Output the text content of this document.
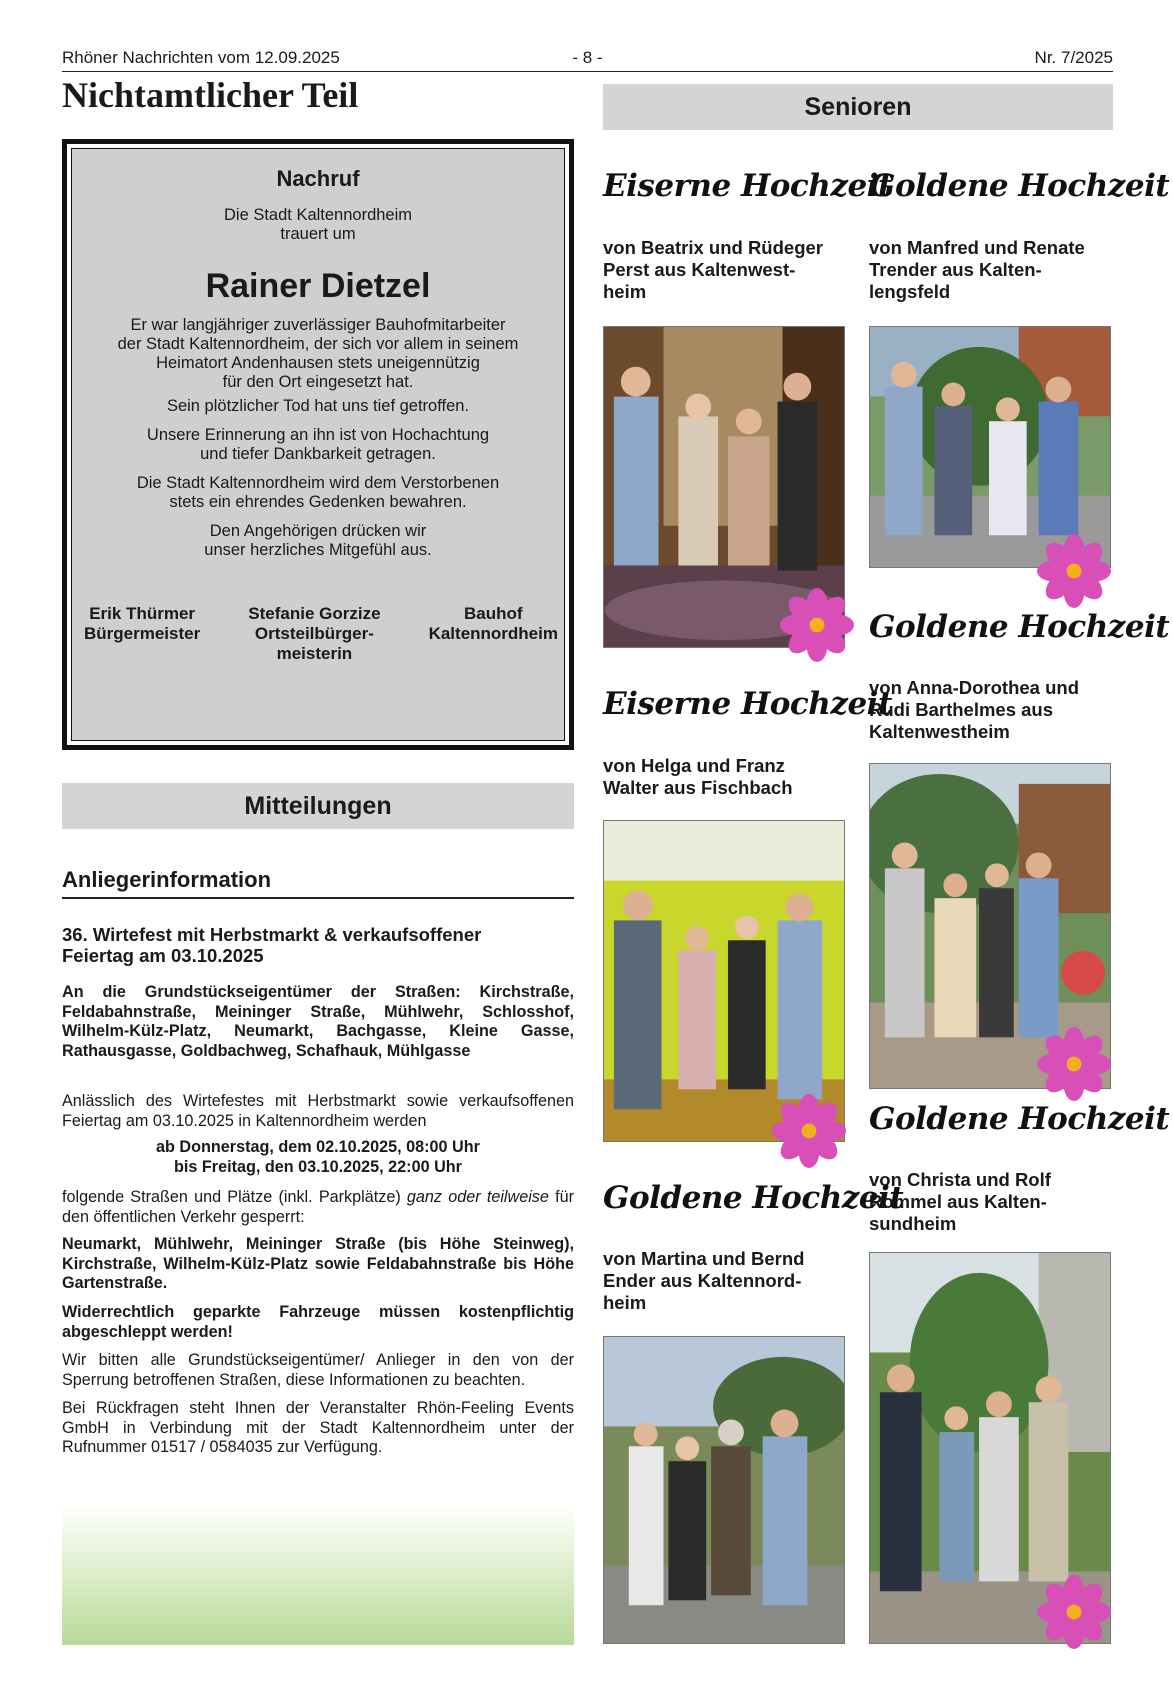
Rhöner Nachrichten vom 12.09.2025	- 8 -	Nr. 7/2025
Nichtamtlicher Teil	Senioren
Nachruf
Die Stadt Kaltennordheim
trauert um
Rainer Dietzel
Er war langjähriger zuverlässiger Bauhofmitarbeiter
der Stadt Kaltennordheim, der sich vor allem in seinem
Heimatort Andenhausen stets uneigennützig
für den Ort eingesetzt hat.
Sein plötzlicher Tod hat uns tief getroffen.
Unsere Erinnerung an ihn ist von Hochachtung
und tiefer Dankbarkeit getragen.
Die Stadt Kaltennordheim wird dem Verstorbenen
stets ein ehrendes Gedenken bewahren.
Den Angehörigen drücken wir
unser herzliches Mitgefühl aus.
Erik Thürmer
Bürgermeister
Stefanie Gorzize
Ortsteilbürger-
meisterin
Bauhof
Kaltennordheim
Mitteilungen
Anliegerinformation
36. Wirtefest mit Herbstmarkt & verkaufsoffener
Feiertag am 03.10.2025
An die Grundstückseigentümer der Straßen: Kirchstraße, Feldabahnstraße, Meininger Straße, Mühlwehr, Schlosshof, Wilhelm-Külz-Platz, Neumarkt, Bachgasse, Kleine Gasse, Rathausgasse, Goldbachweg, Schafhauk, Mühlgasse
Anlässlich des Wirtefestes mit Herbstmarkt sowie verkaufsoffenen Feiertag am 03.10.2025 in Kaltennordheim werden
ab Donnerstag, dem 02.10.2025, 08:00 Uhr
bis Freitag, den 03.10.2025, 22:00 Uhr
folgende Straßen und Plätze (inkl. Parkplätze) ganz oder teilweise für den öffentlichen Verkehr gesperrt:
Neumarkt, Mühlwehr, Meininger Straße (bis Höhe Steinweg), Kirchstraße, Wilhelm-Külz-Platz sowie Feldabahnstraße bis Höhe Gartenstraße.
Widerrechtlich geparkte Fahrzeuge müssen kostenpflichtig abgeschleppt werden!
Wir bitten alle Grundstückseigentümer/ Anlieger in den von der Sperrung betroffenen Straßen, diese Informationen zu beachten.
Bei Rückfragen steht Ihnen der Veranstalter Rhön-Feeling Events GmbH in Verbindung mit der Stadt Kaltennordheim unter der Rufnummer 01517 / 0584035 zur Verfügung.
Eiserne Hochzeit
von Beatrix und Rüdeger
Perst aus Kaltenwest-
heim
Goldene Hochzeit
von Manfred und Renate
Trender aus Kalten-
lengsfeld
Goldene Hochzeit
von Anna-Dorothea und
Rudi Barthelmes aus
Kaltenwestheim
Eiserne Hochzeit
von Helga und Franz
Walter aus Fischbach
Goldene Hochzeit
von Christa und Rolf
Rommel aus Kalten-
sundheim
Goldene Hochzeit
von Martina und Bernd
Ender aus Kaltennord-
heim
